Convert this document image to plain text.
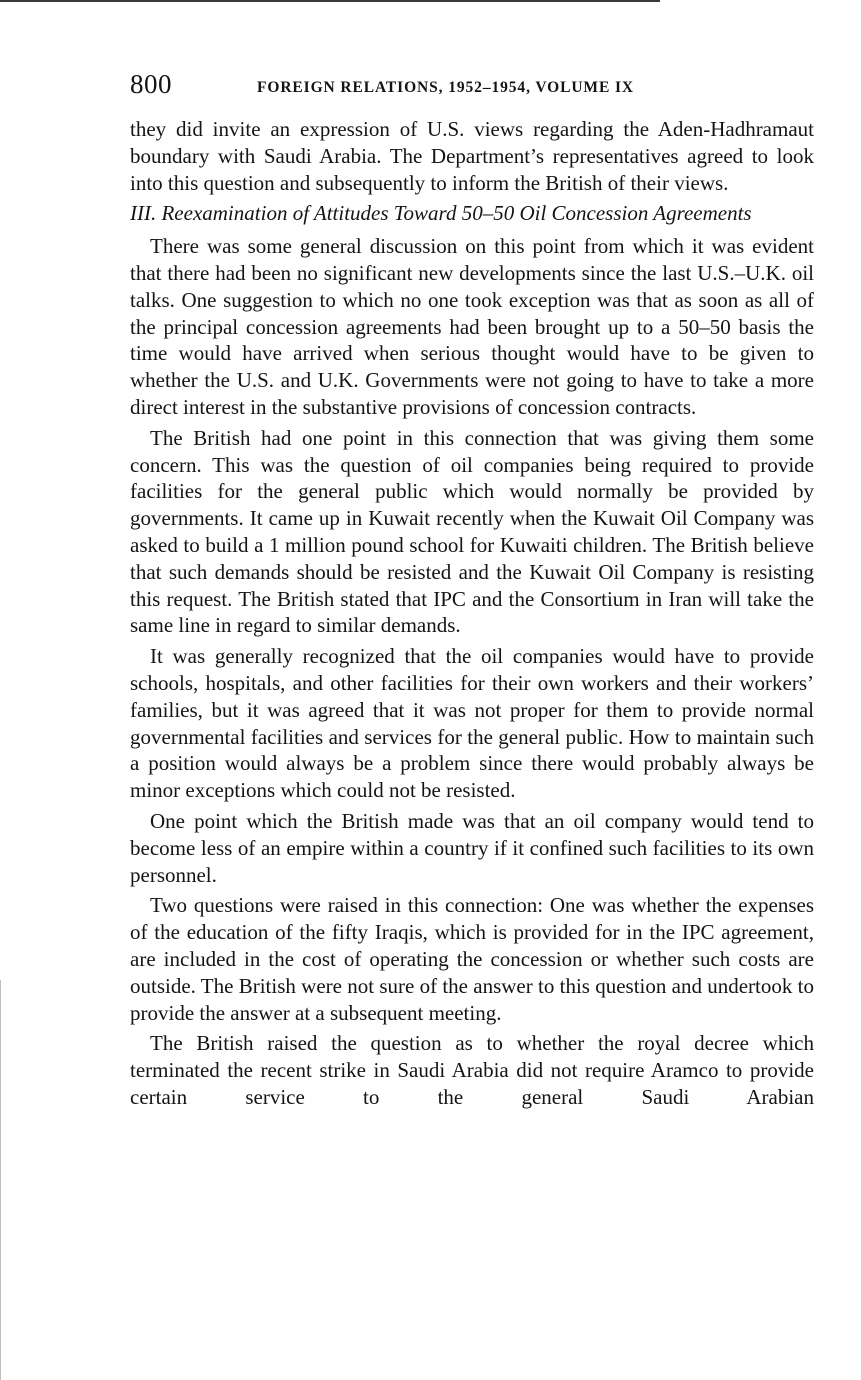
800	FOREIGN RELATIONS, 1952–1954, VOLUME IX

they did invite an expression of U.S. views regarding the Aden-Hadhramaut boundary with Saudi Arabia. The Department’s representatives agreed to look into this question and subsequently to inform the British of their views.

III. Reexamination of Attitudes Toward 50–50 Oil Concession Agreements

There was some general discussion on this point from which it was evident that there had been no significant new developments since the last U.S.–U.K. oil talks. One suggestion to which no one took exception was that as soon as all of the principal concession agreements had been brought up to a 50–50 basis the time would have arrived when serious thought would have to be given to whether the U.S. and U.K. Governments were not going to have to take a more direct interest in the substantive provisions of concession contracts.

The British had one point in this connection that was giving them some concern. This was the question of oil companies being required to provide facilities for the general public which would normally be provided by governments. It came up in Kuwait recently when the Kuwait Oil Company was asked to build a 1 million pound school for Kuwaiti children. The British believe that such demands should be resisted and the Kuwait Oil Company is resisting this request. The British stated that IPC and the Consortium in Iran will take the same line in regard to similar demands.

It was generally recognized that the oil companies would have to provide schools, hospitals, and other facilities for their own workers and their workers’ families, but it was agreed that it was not proper for them to provide normal governmental facilities and services for the general public. How to maintain such a position would always be a problem since there would probably always be minor exceptions which could not be resisted.

One point which the British made was that an oil company would tend to become less of an empire within a country if it confined such facilities to its own personnel.

Two questions were raised in this connection: One was whether the expenses of the education of the fifty Iraqis, which is provided for in the IPC agreement, are included in the cost of operating the concession or whether such costs are outside. The British were not sure of the answer to this question and undertook to provide the answer at a subsequent meeting.

The British raised the question as to whether the royal decree which terminated the recent strike in Saudi Arabia did not require Aramco to provide certain service to the general Saudi Arabian
